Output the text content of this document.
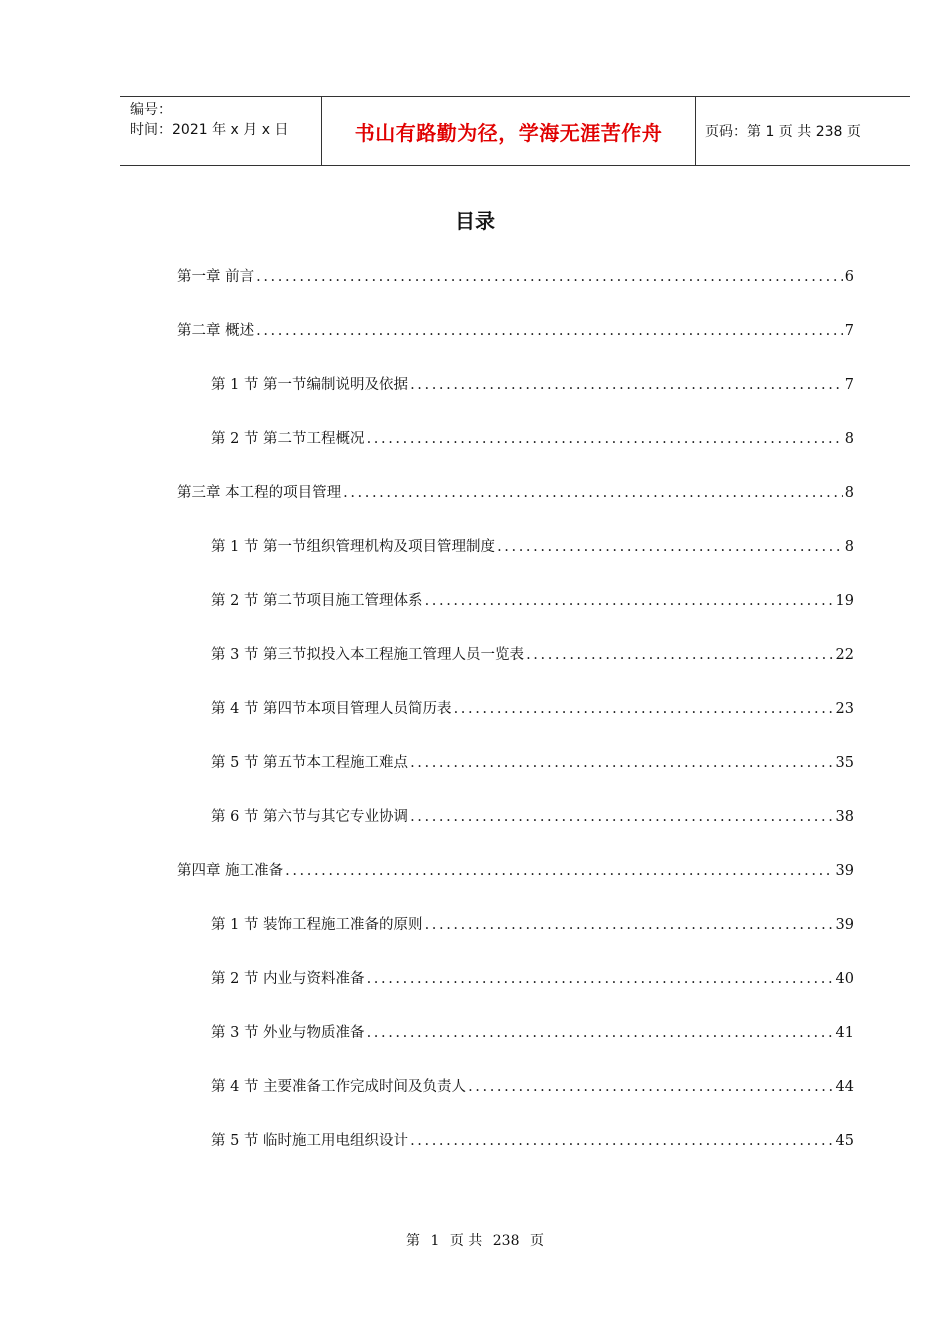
编号：
时间：2021 年 x 月 x 日	书山有路勤为径，学海无涯苦作舟	页码：第 1 页 共 238 页
目录
第一章 前言 .....	6
第二章 概述 .....	7
第 1 节 第一节编制说明及依据 .....	7
第 2 节 第二节工程概况 .....	8
第三章 本工程的项目管理 .....	8
第 1 节 第一节组织管理机构及项目管理制度 .....	8
第 2 节 第二节项目施工管理体系 .....	19
第 3 节 第三节拟投入本工程施工管理人员一览表 .....	22
第 4 节 第四节本项目管理人员简历表 .....	23
第 5 节 第五节本工程施工难点 .....	35
第 6 节 第六节与其它专业协调 .....	38
第四章 施工准备 .....	39
第 1 节 装饰工程施工准备的原则 .....	39
第 2 节 内业与资料准备 .....	40
第 3 节 外业与物质准备 .....	41
第 4 节 主要准备工作完成时间及负责人 .....	44
第 5 节 临时施工用电组织设计 .....	45
第 1 页 共 238 页
